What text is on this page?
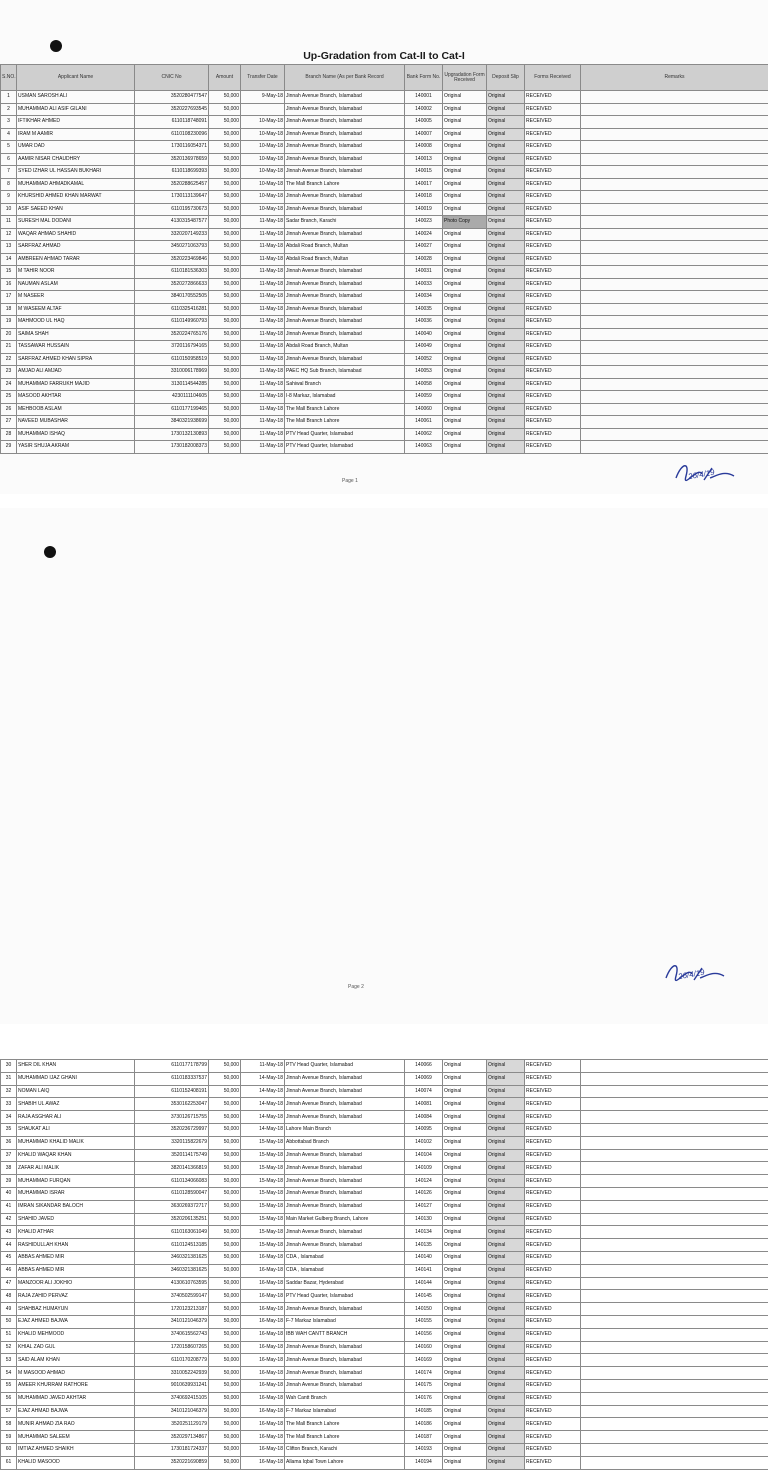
Up-Gradation from Cat-II to Cat-I
S.NO.	Applicant Name	CNIC No	Amount	Transfer Date	Branch Name (As per Bank Record	Bank Form No.	Upgradation Form Received	Deposit Slip	Forms Received	Remarks
1	USMAN SAROSH ALI	3520280477547	50,000	9-May-18	Jinnah Avenue Branch, Islamabad	140001	Original	Original	RECEIVED	
2	MUHAMMAD ALI ASIF GILANI	3520227693545	50,000		Jinnah Avenue Branch, Islamabad	140002	Original	Original	RECEIVED	
3	IFTIKHAR AHMED	6110118748091	50,000	10-May-18	Jinnah Avenue Branch, Islamabad	140005	Original	Original	RECEIVED	
4	IRAM M AAMIR	6110108230096	50,000	10-May-18	Jinnah Avenue Branch, Islamabad	140007	Original	Original	RECEIVED	
5	UMAR DAD	1730116054371	50,000	10-May-18	Jinnah Avenue Branch, Islamabad	140008	Original	Original	RECEIVED	
6	AAMIR NISAR CHAUDHRY	3520136978659	50,000	10-May-18	Jinnah Avenue Branch, Islamabad	140013	Original	Original	RECEIVED	
7	SYED IZHAR UL HASSAN BUKHARI	6110118699393	50,000	10-May-18	Jinnah Avenue Branch, Islamabad	140015	Original	Original	RECEIVED	
8	MUHAMMAD AHMADKAMAL	3520288625457	50,000	10-May-18	The Mall Branch Lahore	140017	Original	Original	RECEIVED	
9	KHURSHID AHMED KHAN MARWAT	1730113139647	50,000	10-May-18	Jinnah Avenue Branch, Islamabad	140018	Original	Original	RECEIVED	
10	ASIF SAEED KHAN	6110195730673	50,000	10-May-18	Jinnah Avenue Branch, Islamabad	140019	Original	Original	RECEIVED	
11	SURESH MAL DODANI	4130315487577	50,000	11-May-18	Sadar Branch, Karachi	140023	Photo Copy	Original	RECEIVED	
12	WAQAR AHMAD SHAHID	3320207149233	50,000	11-May-18	Jinnah Avenue Branch, Islamabad	140024	Original	Original	RECEIVED	
13	SARFRAZ AHMAD	3450271063793	50,000	11-May-18	Abdali Road Branch, Multan	140027	Original	Original	RECEIVED	
14	AMBREEN AHMAD TARAR	3520223469846	50,000	11-May-18	Abdali Road Branch, Multan	140028	Original	Original	RECEIVED	
15	M TAHIR NOOR	6110181536303	50,000	11-May-18	Jinnah Avenue Branch, Islamabad	140031	Original	Original	RECEIVED	
16	NAUMAN ASLAM	3520272866633	50,000	11-May-18	Jinnah Avenue Branch, Islamabad	140033	Original	Original	RECEIVED	
17	M NASEER	3840170552505	50,000	11-May-18	Jinnah Avenue Branch, Islamabad	140034	Original	Original	RECEIVED	
18	M WASEEM ALTAF	6110325416281	50,000	11-May-18	Jinnah Avenue Branch, Islamabad	140035	Original	Original	RECEIVED	
19	MAHMOOD UL HAQ	6110149960793	50,000	11-May-18	Jinnah Avenue Branch, Islamabad	140036	Original	Original	RECEIVED	
20	SAIMA SHAH	3520224765176	50,000	11-May-18	Jinnah Avenue Branch, Islamabad	140040	Original	Original	RECEIVED	
21	TASSAWAR HUSSAIN	3720116794165	50,000	11-May-18	Abdali Road Branch, Multan	140049	Original	Original	RECEIVED	
22	SARFRAZ AHMED KHAN SIPRA	6110150958519	50,000	11-May-18	Jinnah Avenue Branch, Islamabad	140052	Original	Original	RECEIVED	
23	AMJAD ALI AMJAD	3310006178969	50,000	11-May-18	PAEC HQ Sub Branch, Islamabad	140053	Original	Original	RECEIVED	
24	MUHAMMAD FARRUKH MAJID	3130114544285	50,000	11-May-18	Sahiwal Branch	140058	Original	Original	RECEIVED	
25	MASOOD AKHTAR	4230111104605	50,000	11-May-18	I-8 Markaz, Islamabad	140059	Original	Original	RECEIVED	
26	MEHBOOB ASLAM	6110177199465	50,000	11-May-18	The Mall Branch Lahore	140060	Original	Original	RECEIVED	
27	NAVEED MUBASHAR	3840321938699	50,000	11-May-18	The Mall Branch Lahore	140061	Original	Original	RECEIVED	
28	MUHAMMAD ISHAQ	1730132130893	50,000	11-May-18	PTV Head Quarter, Islamabad	140062	Original	Original	RECEIVED	
29	YASIR SHUJA AKRAM	1730182008373	50,000	11-May-18	PTV Head Quarter, Islamabad	140063	Original	Original	RECEIVED	
Page 1	26/4/19
30	SHER DIL KHAN	6110177178799	50,000	11-May-18	PTV Head Quarter, Islamabad	140066	Original	Original	RECEIVED	
31	MUHAMMAD IJAZ GHANI	6110183337537	50,000	14-May-18	Jinnah Avenue Branch, Islamabad	140069	Original	Original	RECEIVED	
32	NOMAN LAIQ	6110152408191	50,000	14-May-18	Jinnah Avenue Branch, Islamabad	140074	Original	Original	RECEIVED	
33	SHABIH UL AWAZ	3530162253047	50,000	14-May-18	Jinnah Avenue Branch, Islamabad	140081	Original	Original	RECEIVED	
34	RAJA ASGHAR ALI	3730126715755	50,000	14-May-18	Jinnah Avenue Branch, Islamabad	140084	Original	Original	RECEIVED	
35	SHAUKAT ALI	3520236729997	50,000	14-May-18	Lahore Main Branch	140095	Original	Original	RECEIVED	
36	MUHAMMAD KHALID MALIK	3320115822679	50,000	15-May-18	Abbottabad Branch	140102	Original	Original	RECEIVED	
37	KHALID WAQAR KHAN	3520114175749	50,000	15-May-18	Jinnah Avenue Branch, Islamabad	140104	Original	Original	RECEIVED	
38	ZAFAR ALI MALIK	3820141366819	50,000	15-May-18	Jinnah Avenue Branch, Islamabad	140109	Original	Original	RECEIVED	
39	MUHAMMAD FURQAN	6110134066083	50,000	15-May-18	Jinnah Avenue Branch, Islamabad	140124	Original	Original	RECEIVED	
40	MUHAMMAD ISRAR	6110128590047	50,000	15-May-18	Jinnah Avenue Branch, Islamabad	140126	Original	Original	RECEIVED	
41	IMRAN SIKANDAR BALOCH	3630269372717	50,000	15-May-18	Jinnah Avenue Branch, Islamabad	140127	Original	Original	RECEIVED	
42	SHAHID JAVED	3520206135251	50,000	15-May-18	Main Market Gulberg Branch, Lahore	140130	Original	Original	RECEIVED	
43	KHALID ATHAR	6110163061049	50,000	15-May-18	Jinnah Avenue Branch, Islamabad	140134	Original	Original	RECEIVED	
44	RASHIDULLAH KHAN	6110124513185	50,000	15-May-18	Jinnah Avenue Branch, Islamabad	140135	Original	Original	RECEIVED	
45	ABBAS AHMED MIR	3460321381625	50,000	16-May-18	CDA , Islamabad	140140	Original	Original	RECEIVED	
46	ABBAS AHMED MIR	3460321381625	50,000	16-May-18	CDA , Islamabad	140141	Original	Original	RECEIVED	
47	MANZOOR ALI JOKHIO	4130610763595	50,000	16-May-18	Saddar Bazar, Hyderabad	140144	Original	Original	RECEIVED	
48	RAJA ZAHID PERVAZ	3740502599147	50,000	16-May-18	PTV Head Quarter, Islamabad	140145	Original	Original	RECEIVED	
49	SHAHBAZ HUMAYUN	1720123213187	50,000	16-May-18	Jinnah Avenue Branch, Islamabad	140150	Original	Original	RECEIVED	
50	EJAZ AHMED BAJWA	3410121046379	50,000	16-May-18	F-7 Markaz Islamabad	140155	Original	Original	RECEIVED	
51	KHALID MEHMOOD	3740615562743	50,000	16-May-18	IBB WAH CANTT BRANCH	140156	Original	Original	RECEIVED	
52	KHIAL ZAD GUL	1720158607265	50,000	16-May-18	Jinnah Avenue Branch, Islamabad	140160	Original	Original	RECEIVED	
53	SAID ALAM KHAN	6110170208779	50,000	16-May-18	Jinnah Avenue Branch, Islamabad	140169	Original	Original	RECEIVED	
54	M MASOOD AHMAD	3310052242939	50,000	16-May-18	Jinnah Avenue Branch, Islamabad	140174	Original	Original	RECEIVED	
55	AMEER KHURRAM RATHORE	9010639931241	50,000	16-May-18	Jinnah Avenue Branch, Islamabad	140175	Original	Original	RECEIVED	
56	MUHAMMAD JAVED AKHTAR	3740692415105	50,000	16-May-18	Wah Cantt Branch	140176	Original	Original	RECEIVED	
57	EJAZ AHMAD BAJWA	3410121046379	50,000	16-May-18	F-7 Markaz Islamabad	140185	Original	Original	RECEIVED	
58	MUNIR AHMAD ZIA RAO	3520251129179	50,000	16-May-18	The Mall Branch Lahore	140186	Original	Original	RECEIVED	
59	MUHAMMAD SALEEM	3520297134867	50,000	16-May-18	The Mall Branch Lahore	140187	Original	Original	RECEIVED	
60	IMTIAZ AHMED SHAIKH	1730181724337	50,000	16-May-18	Clifton Branch, Karachi	140193	Original	Original	RECEIVED	
61	KHALID MASOOD	3520221690859	50,000	16-May-18	Allama Iqbal Town Lahore	140194	Original	Original	RECEIVED	
Page 2
26/4/19
